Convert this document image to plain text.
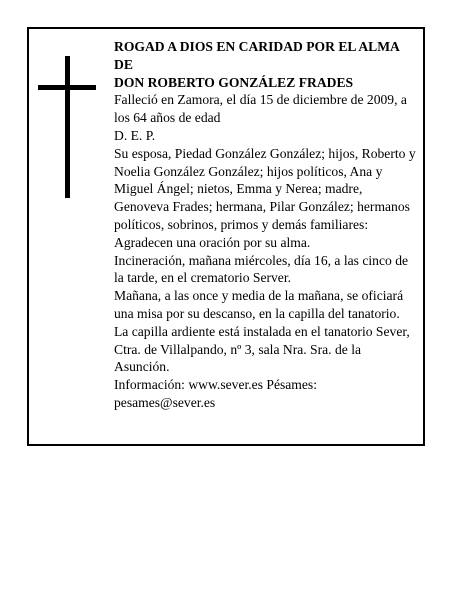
ROGAD A DIOS EN CARIDAD POR EL ALMA DE

DON ROBERTO GONZÁLEZ FRADES

Falleció en Zamora, el día 15 de diciembre de 2009, a los 64 años de edad

D. E. P.

Su esposa, Piedad González González; hijos, Roberto y Noelia González González; hijos políticos, Ana y Miguel Ángel; nietos, Emma y Nerea; madre, Genoveva Frades; hermana, Pilar González; hermanos políticos, sobrinos, primos y demás familiares:

Agradecen una oración por su alma.

Incineración, mañana miércoles, día 16, a las cinco de la tarde, en el crematorio Server.

Mañana, a las once y media de la mañana, se oficiará una misa por su descanso, en la capilla del tanatorio.

La capilla ardiente está instalada en el tanatorio Sever, Ctra. de Villalpando, nº 3, sala Nra. Sra. de la Asunción.

Información: www.sever.es Pésames: pesames@sever.es
